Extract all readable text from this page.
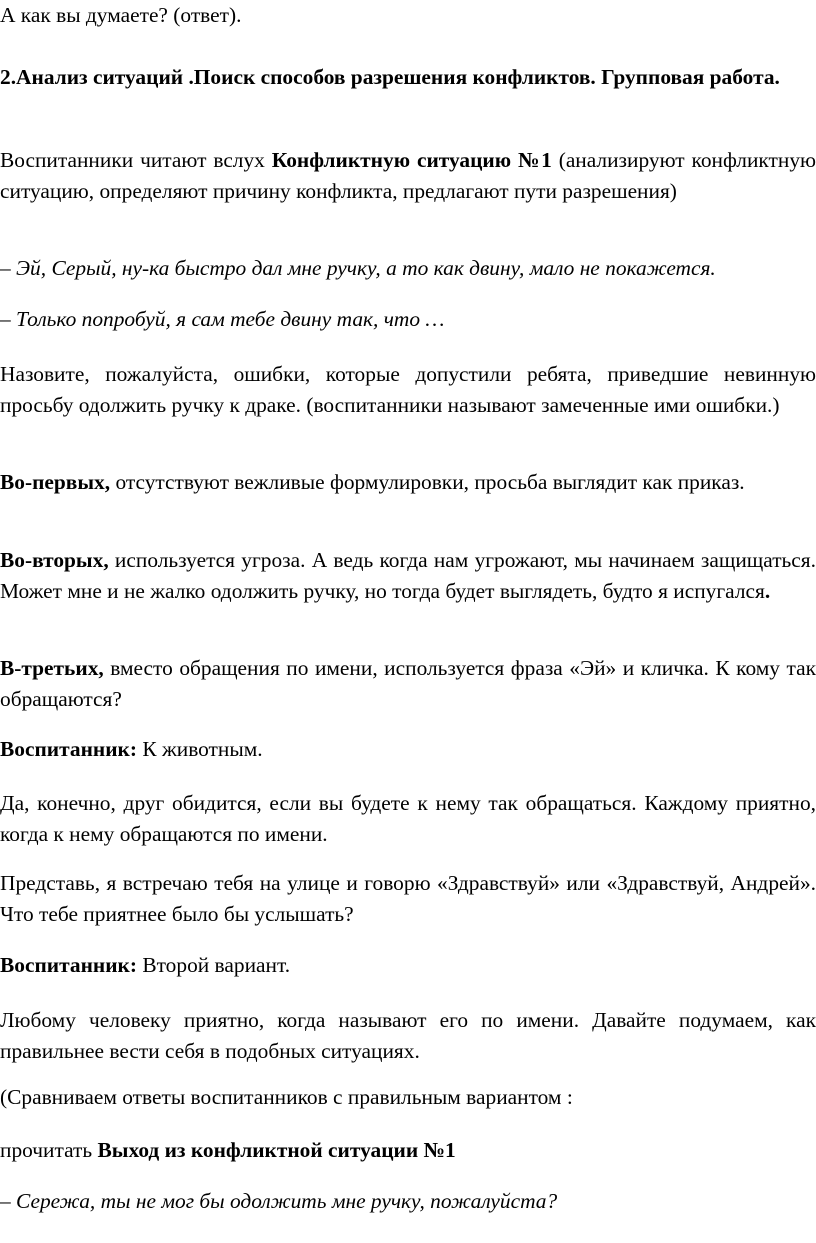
А как вы думаете? (ответ).

2.Анализ ситуаций .Поиск способов разрешения конфликтов. Групповая работа.

Воспитанники читают вслух Конфликтную ситуацию №1 (анализируют конфликтную ситуацию, определяют причину конфликта, предлагают пути разрешения)

– Эй, Серый, ну-ка быстро дал мне ручку, а то как двину, мало не покажется.

– Только попробуй, я сам тебе двину так, что …

Назовите, пожалуйста, ошибки, которые допустили ребята, приведшие невинную просьбу одолжить ручку к драке. (воспитанники называют замеченные ими ошибки.)

Во-первых, отсутствуют вежливые формулировки, просьба выглядит как приказ.

Во-вторых, используется угроза. А ведь когда нам угрожают, мы начинаем защищаться. Может мне и не жалко одолжить ручку, но тогда будет выглядеть, будто я испугался.

В-третьих, вместо обращения по имени, используется фраза «Эй» и кличка. К кому так обращаются?

Воспитанник: К животным.

Да, конечно, друг обидится, если вы будете к нему так обращаться. Каждому приятно, когда к нему обращаются по имени.

Представь, я встречаю тебя на улице и говорю «Здравствуй» или «Здравствуй, Андрей». Что тебе приятнее было бы услышать?

Воспитанник: Второй вариант.

Любому человеку приятно, когда называют его по имени. Давайте подумаем, как правильнее вести себя в подобных ситуациях.

(Сравниваем ответы воспитанников с правильным вариантом :

прочитать Выход из конфликтной ситуации №1

– Сережа, ты не мог бы одолжить мне ручку, пожалуйста?
